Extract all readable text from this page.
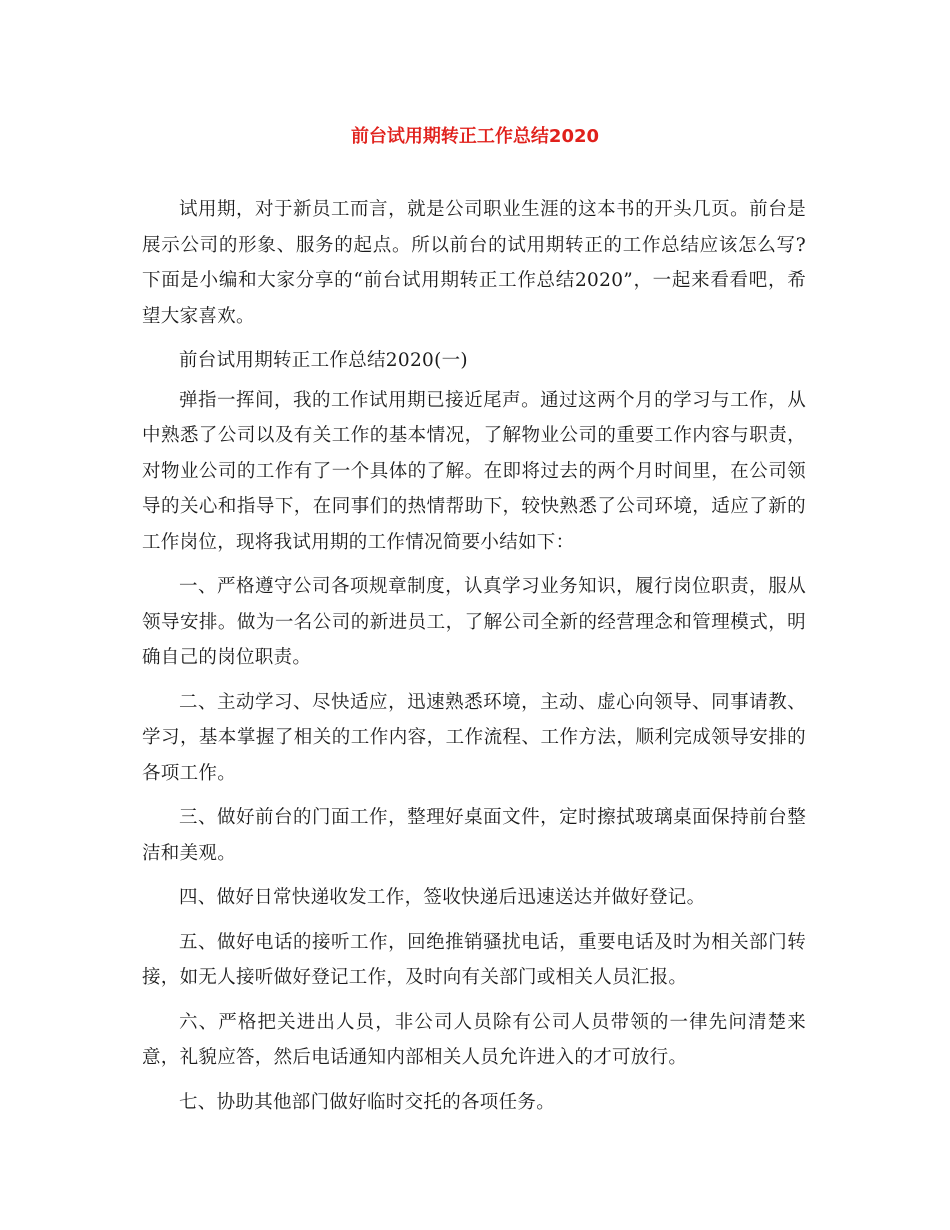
前台试用期转正工作总结2020

试用期，对于新员工而言，就是公司职业生涯的这本书的开头几页。前台是展示公司的形象、服务的起点。所以前台的试用期转正的工作总结应该怎么写?下面是小编和大家分享的“前台试用期转正工作总结2020”，一起来看看吧，希望大家喜欢。

前台试用期转正工作总结2020(一)

弹指一挥间，我的工作试用期已接近尾声。通过这两个月的学习与工作，从中熟悉了公司以及有关工作的基本情况，了解物业公司的重要工作内容与职责，对物业公司的工作有了一个具体的了解。在即将过去的两个月时间里，在公司领导的关心和指导下，在同事们的热情帮助下，较快熟悉了公司环境，适应了新的工作岗位，现将我试用期的工作情况简要小结如下：

一、严格遵守公司各项规章制度，认真学习业务知识，履行岗位职责，服从领导安排。做为一名公司的新进员工，了解公司全新的经营理念和管理模式，明确自己的岗位职责。

二、主动学习、尽快适应，迅速熟悉环境，主动、虚心向领导、同事请教、学习，基本掌握了相关的工作内容，工作流程、工作方法，顺利完成领导安排的各项工作。

三、做好前台的门面工作，整理好桌面文件，定时擦拭玻璃桌面保持前台整洁和美观。

四、做好日常快递收发工作，签收快递后迅速送达并做好登记。

五、做好电话的接听工作，回绝推销骚扰电话，重要电话及时为相关部门转接，如无人接听做好登记工作，及时向有关部门或相关人员汇报。

六、严格把关进出人员，非公司人员除有公司人员带领的一律先问清楚来意，礼貌应答，然后电话通知内部相关人员允许进入的才可放行。

七、协助其他部门做好临时交托的各项任务。
